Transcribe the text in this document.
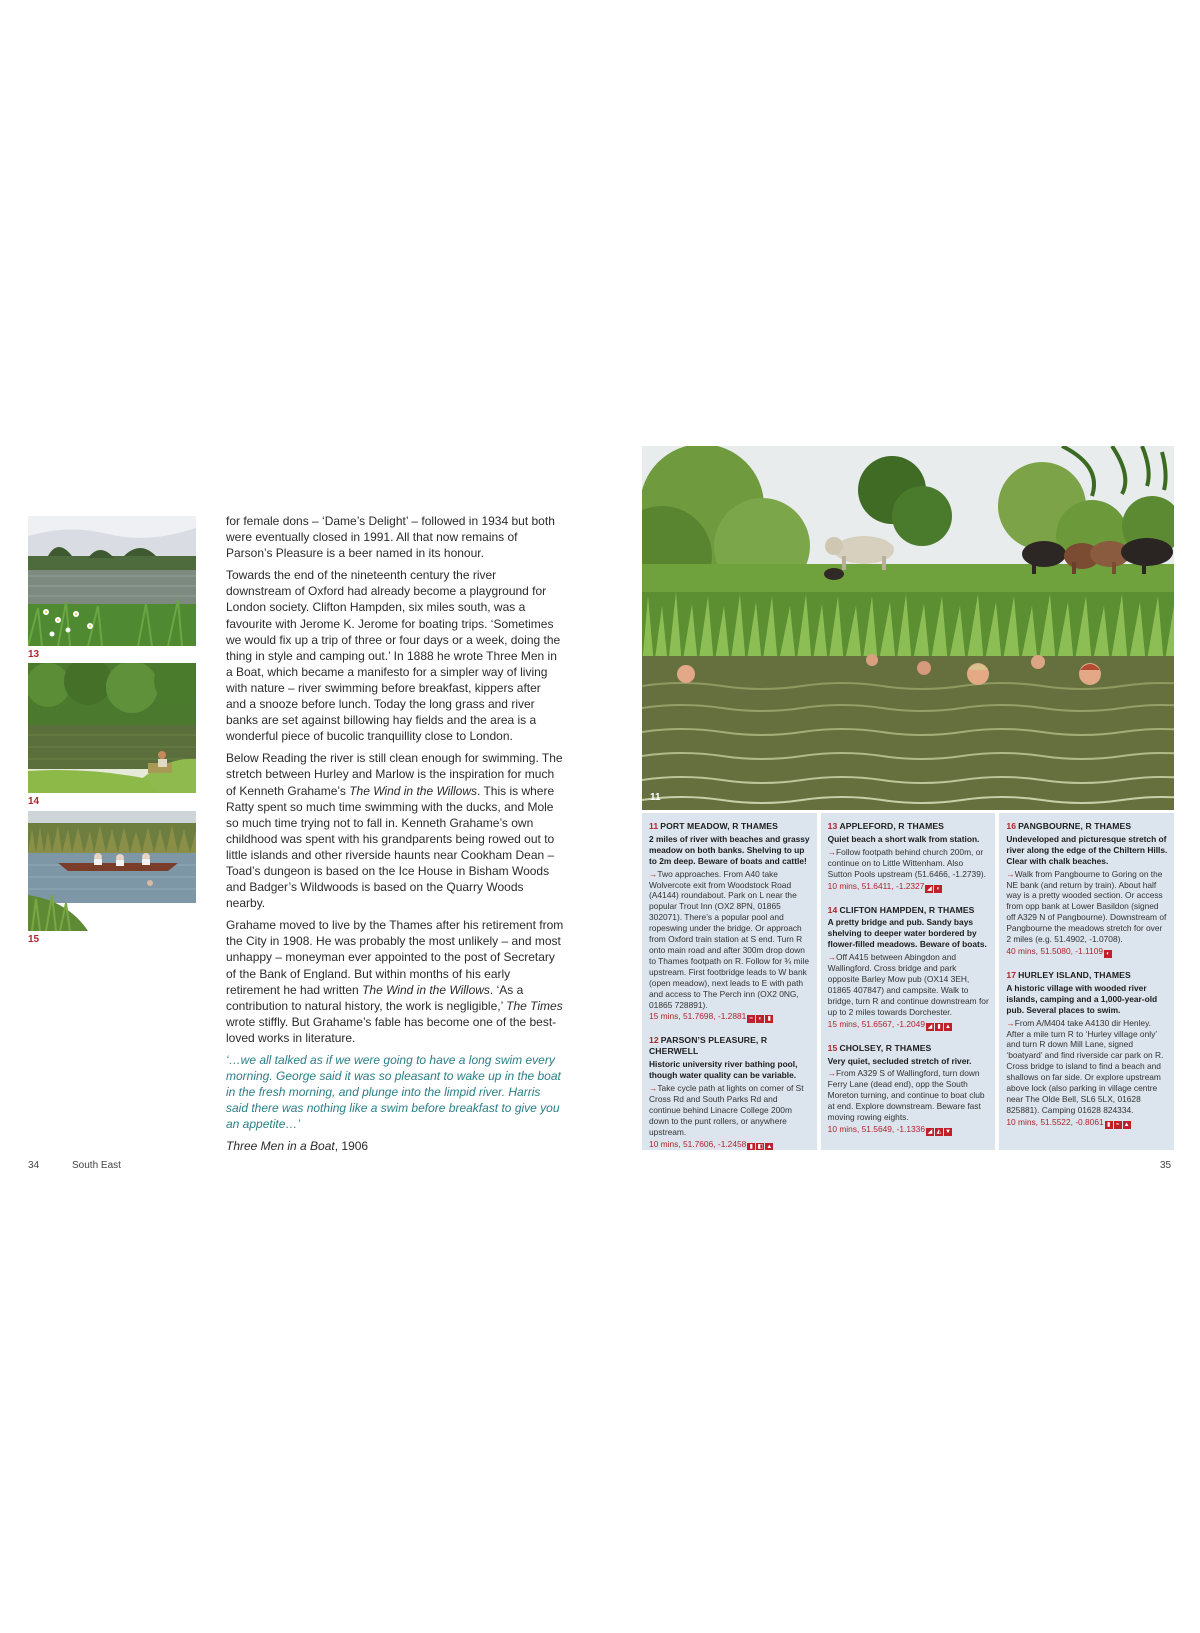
13
14
15

for female dons – ‘Dame’s Delight’ – followed in 1934 but both were eventually closed in 1991. All that now remains of Parson’s Pleasure is a beer named in its honour.

Towards the end of the nineteenth century the river downstream of Oxford had already become a playground for London society. Clifton Hampden, six miles south, was a favourite with Jerome K. Jerome for boating trips. ‘Sometimes we would fix up a trip of three or four days or a week, doing the thing in style and camping out.’ In 1888 he wrote Three Men in a Boat, which became a manifesto for a simpler way of living with nature – river swimming before breakfast, kippers after and a snooze before lunch. Today the long grass and river banks are set against billowing hay fields and the area is a wonderful piece of bucolic tranquillity close to London.

Below Reading the river is still clean enough for swimming. The stretch between Hurley and Marlow is the inspiration for much of Kenneth Grahame’s The Wind in the Willows. This is where Ratty spent so much time swimming with the ducks, and Mole so much time trying not to fall in. Kenneth Grahame’s own childhood was spent with his grandparents being rowed out to little islands and other riverside haunts near Cookham Dean – Toad’s dungeon is based on the Ice House in Bisham Woods and Badger’s Wildwoods is based on the Quarry Woods nearby.

Grahame moved to live by the Thames after his retirement from the City in 1908. He was probably the most unlikely – and most unhappy – moneyman ever appointed to the post of Secretary of the Bank of England. But within months of his early retirement he had written The Wind in the Willows. ‘As a contribution to natural history, the work is negligible,’ The Times wrote stiffly. But Grahame’s fable has become one of the best-loved works in literature.

‘…we all talked as if we were going to have a long swim every morning. George said it was so pleasant to wake up in the boat in the fresh morning, and plunge into the limpid river. Harris said there was nothing like a swim before breakfast to give you an appetite…’

Three Men in a Boat, 1906

34	South East
11
11 PORT MEADOW, R THAMES
2 miles of river with beaches and grassy meadow on both banks. Shelving to up to 2m deep. Beware of boats and cattle!
→ Two approaches. From A40 take Wolvercote exit from Woodstock Road (A4144) roundabout. Park on L near the popular Trout Inn (OX2 8PN, 01865 302071). There’s a popular pool and ropeswing under the bridge. Or approach from Oxford train station at S end. Turn R onto main road and after 300m drop down to Thames footpath on R. Follow for ¾ mile upstream. First footbridge leads to W bank (open meadow), next leads to E with path and access to The Perch inn (OX2 0NG, 01865 728891).
15 mins, 51.7698, -1.2881 ≈ ◐ ▮
12 PARSON’S PLEASURE, R CHERWELL
Historic university river bathing pool, though water quality can be variable.
→ Take cycle path at lights on corner of St Cross Rd and South Parks Rd and continue behind Linacre College 200m down to the punt rollers, or anywhere upstream.
10 mins, 51.7606, -1.2458 ▮ ◧ ▲
13 APPLEFORD, R THAMES
Quiet beach a short walk from station.
→ Follow footpath behind church 200m, or continue on to Little Wittenham. Also Sutton Pools upstream (51.6466, -1.2739).
10 mins, 51.6411, -1.2327 ◢ ◐
14 CLIFTON HAMPDEN, R THAMES
A pretty bridge and pub. Sandy bays shelving to deeper water bordered by flower-filled meadows. Beware of boats.
→ Off A415 between Abingdon and Wallingford. Cross bridge and park opposite Barley Mow pub (OX14 3EH, 01865 407847) and campsite. Walk to bridge, turn R and continue downstream for up to 2 miles towards Dorchester.
15 mins, 51.6567, -1.2049 ◢ ▮ ▲
15 CHOLSEY, R THAMES
Very quiet, secluded stretch of river.
→ From A329 S of Wallingford, turn down Ferry Lane (dead end), opp the South Moreton turning, and continue to boat club at end. Explore downstream. Beware fast moving rowing eights.
10 mins, 51.5649, -1.1336 ◢ ◭ ▼
16 PANGBOURNE, R THAMES
Undeveloped and picturesque stretch of river along the edge of the Chiltern Hills. Clear with chalk beaches.
→ Walk from Pangbourne to Goring on the NE bank (and return by train). About half way is a pretty wooded section. Or access from opp bank at Lower Basildon (signed off A329 N of Pangbourne). Downstream of Pangbourne the meadows stretch for over 2 miles (e.g. 51.4902, -1.0708).
40 mins, 51.5080, -1.1109 ◐
17 HURLEY ISLAND, THAMES
A historic village with wooded river islands, camping and a 1,000-year-old pub. Several places to swim.
→ From A/M404 take A4130 dir Henley. After a mile turn R to ‘Hurley village only’ and turn R down Mill Lane, signed ‘boatyard’ and find riverside car park on R. Cross bridge to island to find a beach and shallows on far side. Or explore upstream above lock (also parking in village centre near The Olde Bell, SL6 5LX, 01628 825881). Camping 01628 824334.
10 mins, 51.5522, -0.8061 ▮ ≈ ▲
35
